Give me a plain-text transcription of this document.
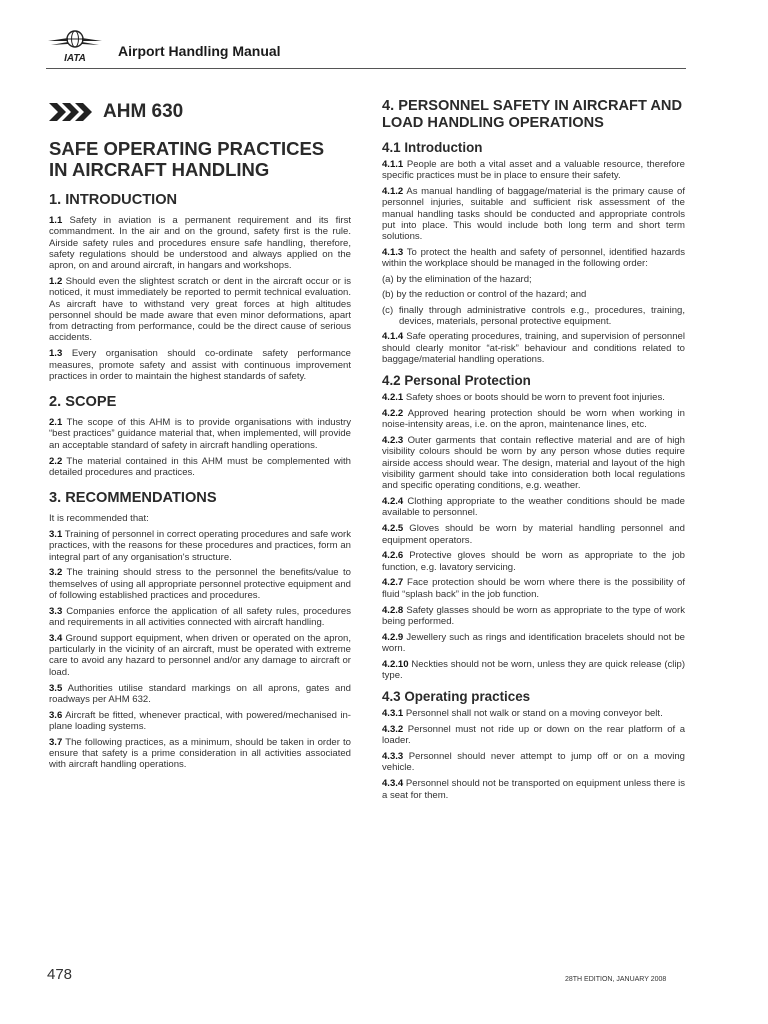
IATA Airport Handling Manual
AHM 630
SAFE OPERATING PRACTICES
IN AIRCRAFT HANDLING
1. INTRODUCTION

1.1 Safety in aviation is a permanent requirement and its first commandment. In the air and on the ground, safety first is the rule. Airside safety rules and procedures ensure safe handling, therefore, safety regulations should be understood and always applied on the apron, on and around aircraft, in hangars and workshops.

1.2 Should even the slightest scratch or dent in the aircraft occur or is noticed, it must immediately be reported to permit technical evaluation. As aircraft have to withstand very great forces at high altitudes personnel should be made aware that even minor deformations, apart from detracting from performance, could be the direct cause of serious accidents.

1.3 Every organisation should co-ordinate safety performance measures, promote safety and assist with continuous improvement practices in order to maintain the highest standards of safety.

2. SCOPE

2.1 The scope of this AHM is to provide organisations with industry “best practices” guidance material that, when implemented, will provide an acceptable standard of safety in aircraft handling operations.

2.2 The material contained in this AHM must be complemented with detailed procedures and practices.

3. RECOMMENDATIONS

It is recommended that:

3.1 Training of personnel in correct operating procedures and safe work practices, with the reasons for these procedures and practices, form an integral part of any organisation's structure.

3.2 The training should stress to the personnel the benefits/value to themselves of using all appropriate personnel protective equipment and of following established practices and procedures.

3.3 Companies enforce the application of all safety rules, procedures and requirements in all activities connected with aircraft handling.

3.4 Ground support equipment, when driven or operated on the apron, particularly in the vicinity of an aircraft, must be operated with extreme care to avoid any hazard to personnel and/or any damage to aircraft or load.

3.5 Authorities utilise standard markings on all aprons, gates and roadways per AHM 632.

3.6 Aircraft be fitted, whenever practical, with powered/mechanised in-plane loading systems.

3.7 The following practices, as a minimum, should be taken in order to ensure that safety is a prime consideration in all activities associated with aircraft handling operations.

4. PERSONNEL SAFETY IN AIRCRAFT AND LOAD HANDLING OPERATIONS
4.1 Introduction

4.1.1 People are both a vital asset and a valuable resource, therefore specific practices must be in place to ensure their safety.

4.1.2 As manual handling of baggage/material is the primary cause of personnel injuries, suitable and sufficient risk assessment of the manual handling tasks should be conducted and appropriate controls put into place. This would include both long term and short term solutions.

4.1.3 To protect the health and safety of personnel, identified hazards within the workplace should be managed in the following order:

(a) by the elimination of the hazard;
(b) by the reduction or control of the hazard; and
(c) finally through administrative controls e.g., procedures, training, devices, materials, personal protective equipment.

4.1.4 Safe operating procedures, training, and supervision of personnel should clearly monitor “at-risk” behaviour and conditions related to baggage/material handling operations.

4.2 Personal Protection

4.2.1 Safety shoes or boots should be worn to prevent foot injuries.

4.2.2 Approved hearing protection should be worn when working in noise-intensity areas, i.e. on the apron, maintenance lines, etc.

4.2.3 Outer garments that contain reflective material and are of high visibility colours should be worn by any person whose duties require airside access should wear. The design, material and layout of the high visibility garment should take into consideration both local regulations and specific operating conditions, e.g. weather.

4.2.4 Clothing appropriate to the weather conditions should be made available to personnel.

4.2.5 Gloves should be worn by material handling personnel and equipment operators.

4.2.6 Protective gloves should be worn as appropriate to the job function, e.g. lavatory servicing.

4.2.7 Face protection should be worn where there is the possibility of fluid “splash back” in the job function.

4.2.8 Safety glasses should be worn as appropriate to the type of work being performed.

4.2.9 Jewellery such as rings and identification bracelets should not be worn.

4.2.10 Neckties should not be worn, unless they are quick release (clip) type.

4.3 Operating practices

4.3.1 Personnel shall not walk or stand on a moving conveyor belt.

4.3.2 Personnel must not ride up or down on the rear platform of a loader.

4.3.3 Personnel should never attempt to jump off or on a moving vehicle.

4.3.4 Personnel should not be transported on equipment unless there is a seat for them.

478	28TH EDITION, JANUARY 2008
